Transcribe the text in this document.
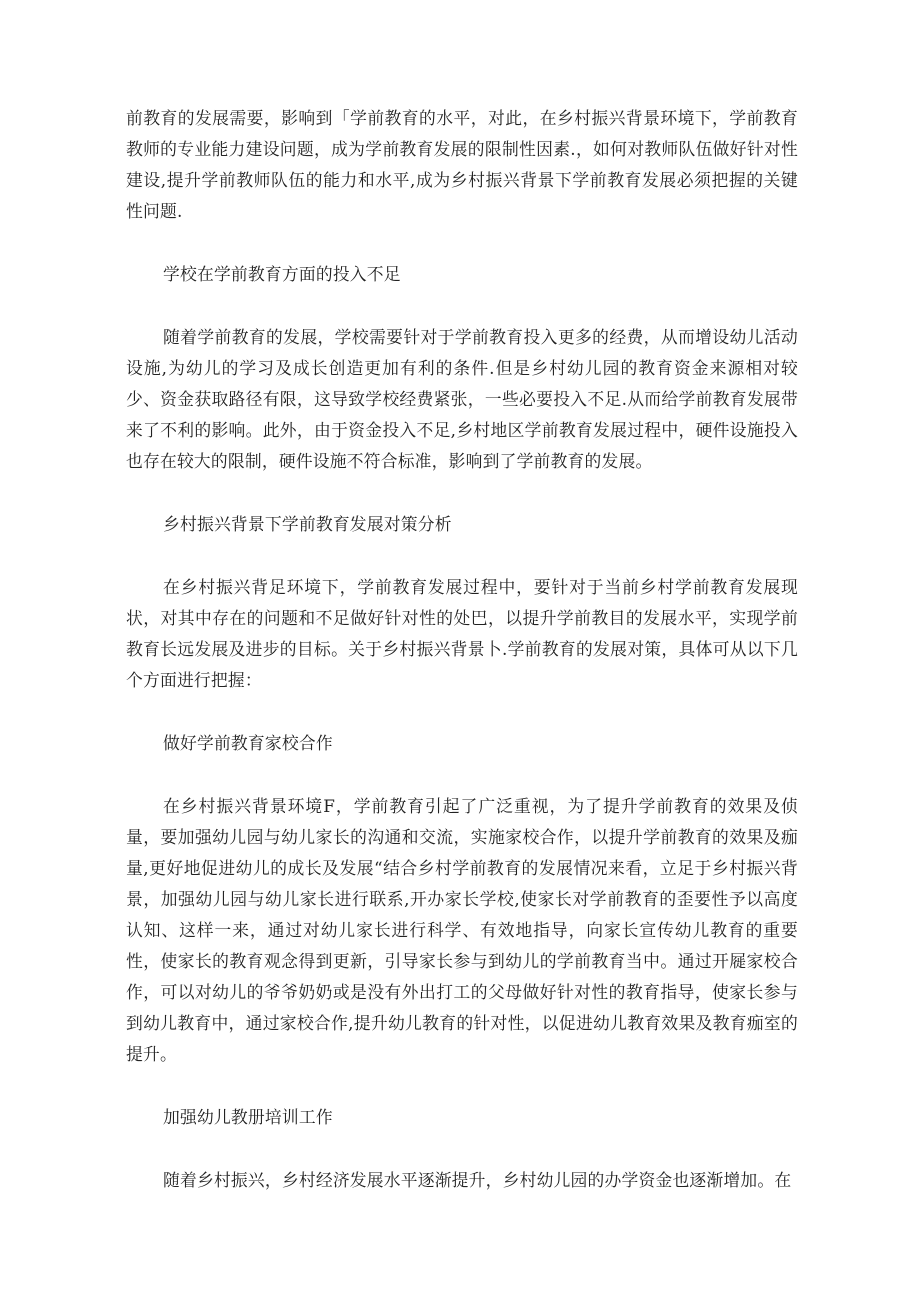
前教育的发展需要，影响到「学前教育的水平，对此，在乡村振兴背景环境下，学前教育教师的专业能力建设问题，成为学前教育发展的限制性因素.，如何对教师队伍做好针对性建设,提升学前教师队伍的能力和水平,成为乡村振兴背景下学前教育发展必须把握的关键性问题.

学校在学前教育方面的投入不足

随着学前教育的发展，学校需要针对于学前教育投入更多的经费，从而增设幼儿活动设施,为幼儿的学习及成长创造更加有利的条件.但是乡村幼儿园的教育资金来源相对较少、资金获取路径有限，这导致学校经费紧张，一些必要投入不足.从而给学前教育发展带来了不利的影响。此外，由于资金投入不足,乡村地区学前教育发展过程中，硬件设施投入也存在较大的限制，硬件设施不符合标准，影响到了学前教育的发展。

乡村振兴背景下学前教育发展对策分析

在乡村振兴背足环境下，学前教育发展过程中，要针对于当前乡村学前教育发展现状，对其中存在的问题和不足做好针对性的处巴，以提升学前教目的发展水平，实现学前教育长远发展及进步的目标。关于乡村振兴背景卜.学前教育的发展对策，具体可从以下几个方面进行把握：

做好学前教育家校合作

在乡村振兴背景环境F，学前教育引起了广泛重视，为了提升学前教育的效果及侦量，要加强幼儿园与幼儿家长的沟通和交流，实施家校合作，以提升学前教育的效果及痂量,更好地促进幼儿的成长及发展“结合乡村学前教育的发展情况来看，立足于乡村振兴背景，加强幼儿园与幼儿家长进行联系,开办家长学校,使家长对学前教育的歪要性予以高度认知、这样一来，通过对幼儿家长进行科学、有效地指导，向家长宣传幼儿教育的重要性，使家长的教育观念得到更新，引导家长参与到幼儿的学前教育当中。通过开屣家校合作，可以对幼儿的爷爷奶奶或是没有外出打工的父母做好针对性的教育指导，使家长参与到幼儿教育中，通过家校合作,提升幼儿教育的针对性，以促进幼儿教育效果及教育痂室的提升。

加强幼儿教册培训工作

随着乡村振兴，乡村经济发展水平逐渐提升，乡村幼儿园的办学资金也逐渐增加。在
